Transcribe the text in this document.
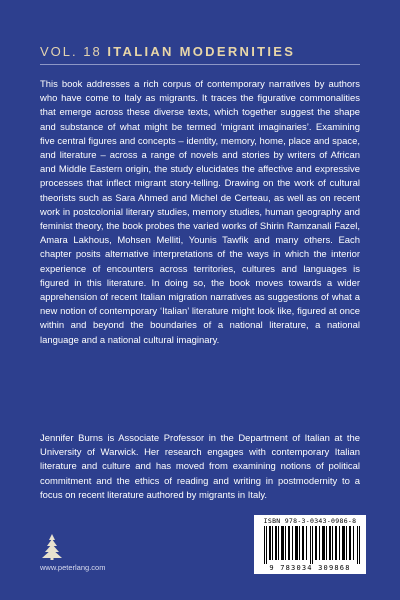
VOL. 18 ITALIAN MODERNITIES

This book addresses a rich corpus of contemporary narratives by authors who have come to Italy as migrants. It traces the figurative commonalities that emerge across these diverse texts, which together suggest the shape and substance of what might be termed ‘migrant imaginaries’. Examining five central figures and concepts – identity, memory, home, place and space, and literature – across a range of novels and stories by writers of African and Middle Eastern origin, the study elucidates the affective and expressive processes that inflect migrant story-telling. Drawing on the work of cultural theorists such as Sara Ahmed and Michel de Certeau, as well as on recent work in postcolonial literary studies, memory studies, human geography and feminist theory, the book probes the varied works of Shirin Ramzanali Fazel, Amara Lakhous, Mohsen Melliti, Younis Tawfik and many others. Each chapter posits alternative interpretations of the ways in which the interior experience of encounters across territories, cultures and languages is figured in this literature. In doing so, the book moves towards a wider apprehension of recent Italian migration narratives as suggestions of what a new notion of contemporary ‘Italian’ literature might look like, figured at once within and beyond the boundaries of a national literature, a national language and a national cultural imaginary.

Jennifer Burns is Associate Professor in the Department of Italian at the University of Warwick. Her research engages with contemporary Italian literature and culture and has moved from examining notions of political commitment and the ethics of reading and writing in postmodernity to a focus on recent literature authored by migrants in Italy.

www.peterlang.com
ISBN 978-3-0343-0986-8
9 783034 309868
